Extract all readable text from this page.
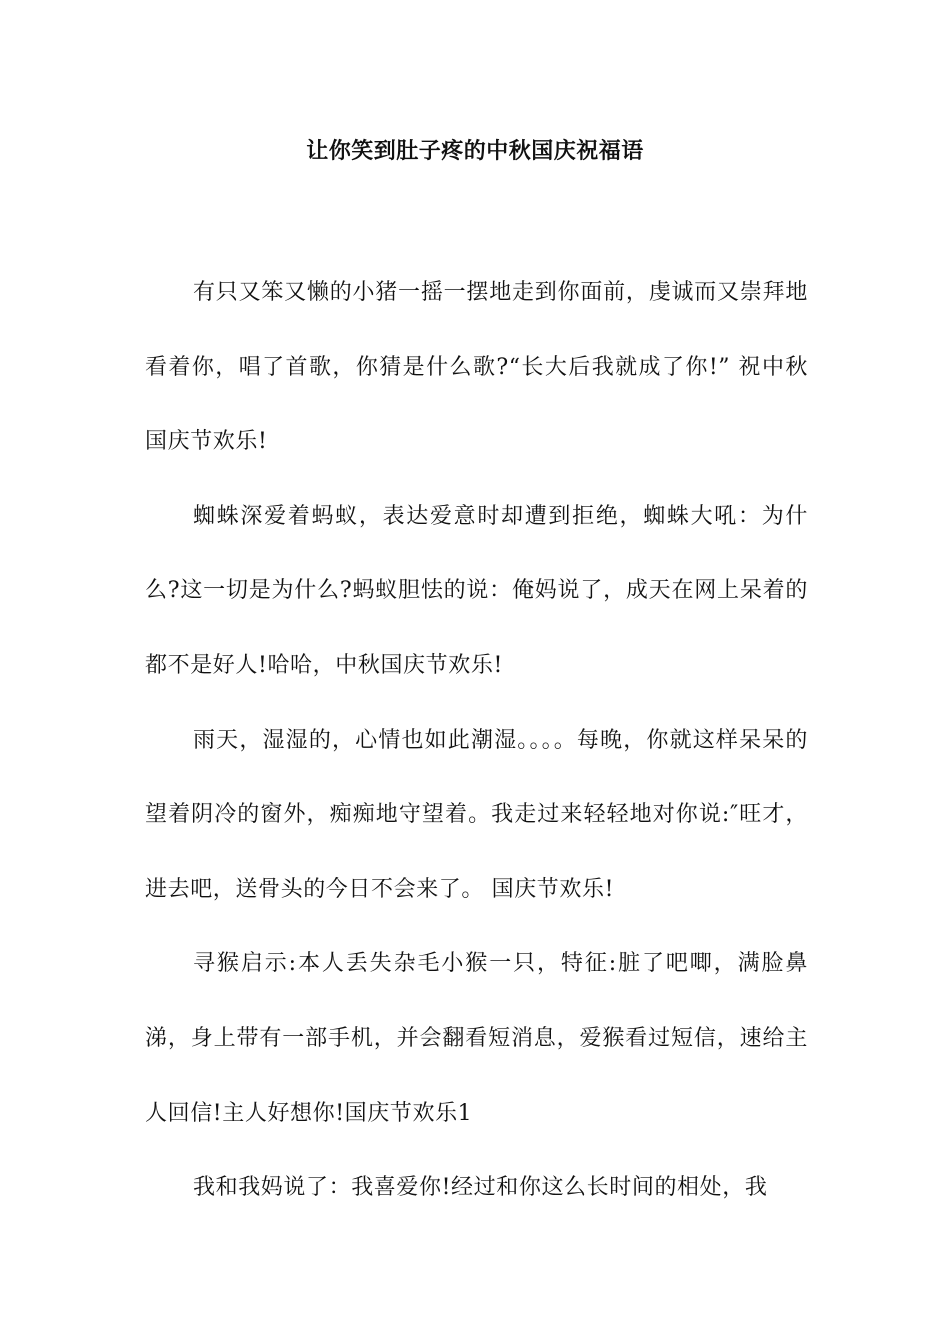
让你笑到肚子疼的中秋国庆祝福语

有只又笨又懒的小猪一摇一摆地走到你面前，虔诚而又崇拜地看着你，唱了首歌，你猜是什么歌?“长大后我就成了你!” 祝中秋国庆节欢乐!

蜘蛛深爱着蚂蚁，表达爱意时却遭到拒绝，蜘蛛大吼：为什么?这一切是为什么?蚂蚁胆怯的说：俺妈说了，成天在网上呆着的都不是好人!哈哈，中秋国庆节欢乐!

雨天，湿湿的，心情也如此潮湿。。。。每晚，你就这样呆呆的望着阴冷的窗外，痴痴地守望着。我走过来轻轻地对你说:″旺才，进去吧，送骨头的今日不会来了。 国庆节欢乐!

寻猴启示:本人丢失杂毛小猴一只，特征:脏了吧唧，满脸鼻涕，身上带有一部手机，并会翻看短消息，爱猴看过短信，速给主人回信!主人好想你!国庆节欢乐1

我和我妈说了：我喜爱你!经过和你这么长时间的相处，我
